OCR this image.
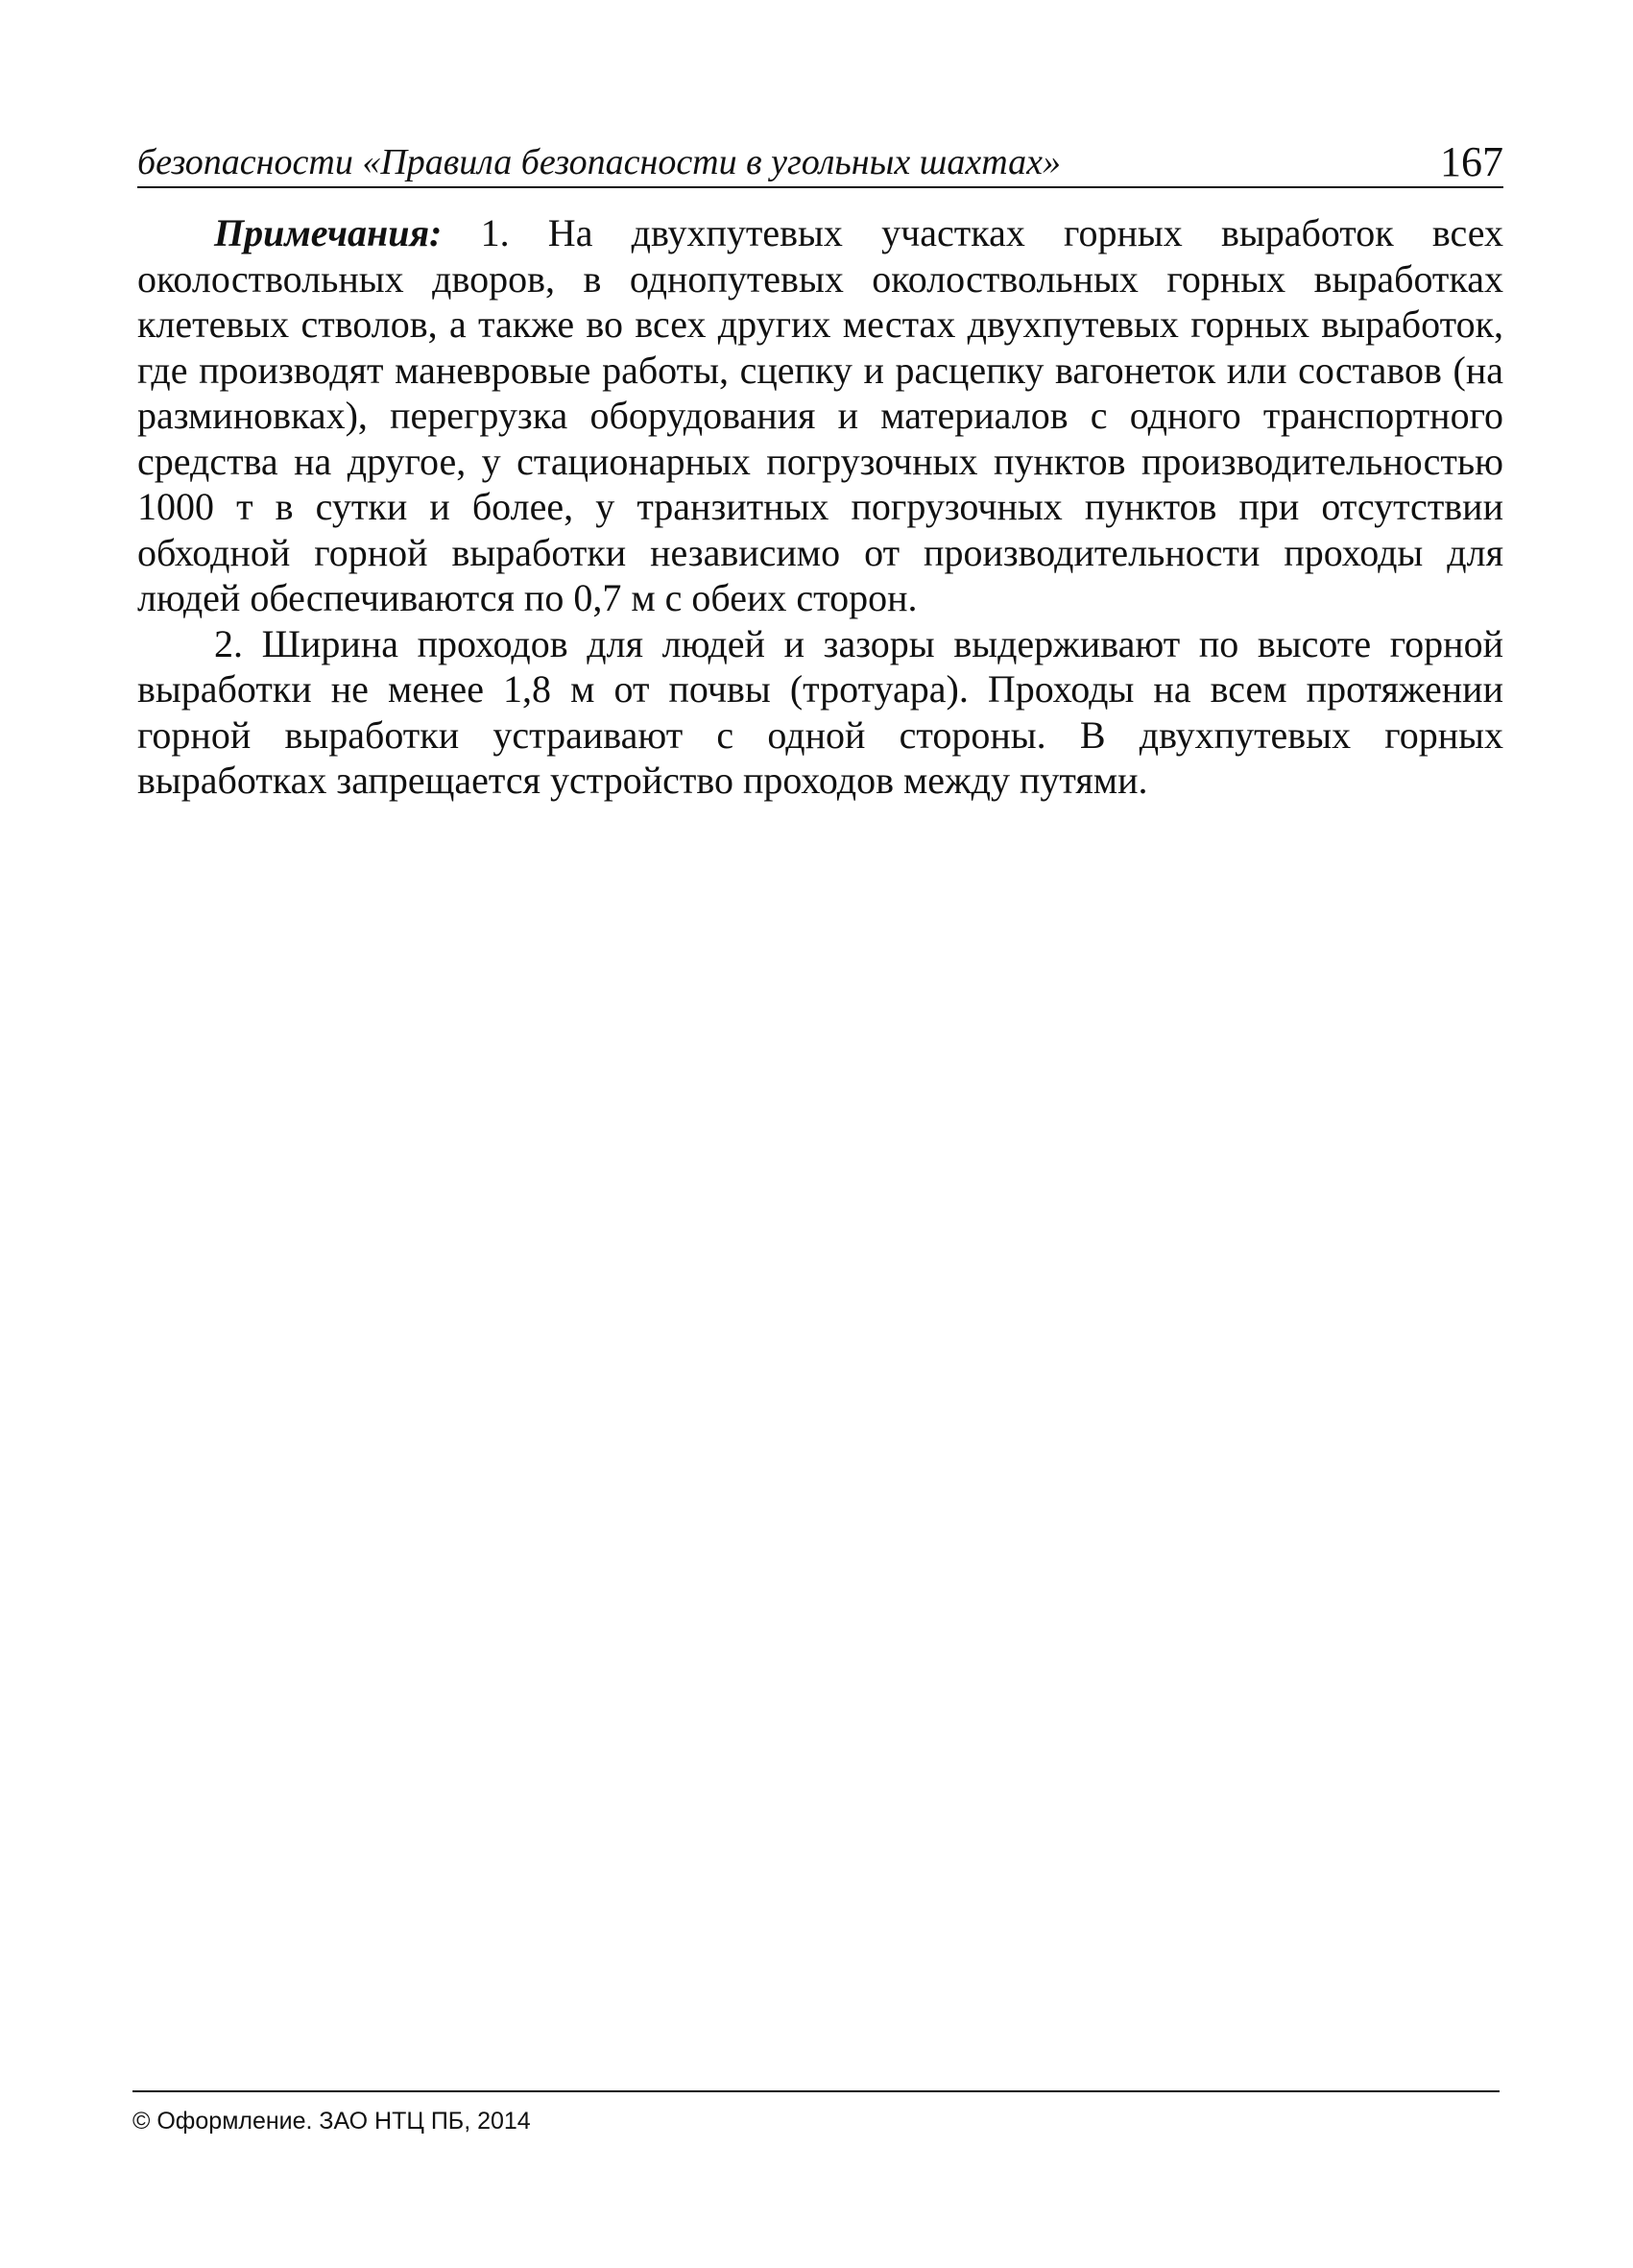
безопасности «Правила безопасности в угольных шахтах»	167

Примечания: 1. На двухпутевых участках горных выработок всех околоствольных дворов, в однопутевых околоствольных горных выработках клетевых стволов, а также во всех других местах двухпутевых горных выработок, где производят маневровые работы, сцепку и расцепку вагонеток или составов (на разминовках), перегрузка оборудования и материалов с одного транспортного средства на другое, у стационарных погрузочных пунктов производительностью 1000 т в сутки и более, у транзитных погрузочных пунктов при отсутствии обходной горной выработки независимо от производительности проходы для людей обеспечиваются по 0,7 м с обеих сторон.

2. Ширина проходов для людей и зазоры выдерживают по высоте горной выработки не менее 1,8 м от почвы (тротуара). Проходы на всем протяжении горной выработки устраивают с одной стороны. В двухпутевых горных выработках запрещается устройство проходов между путями.

© Оформление. ЗАО НТЦ ПБ, 2014
